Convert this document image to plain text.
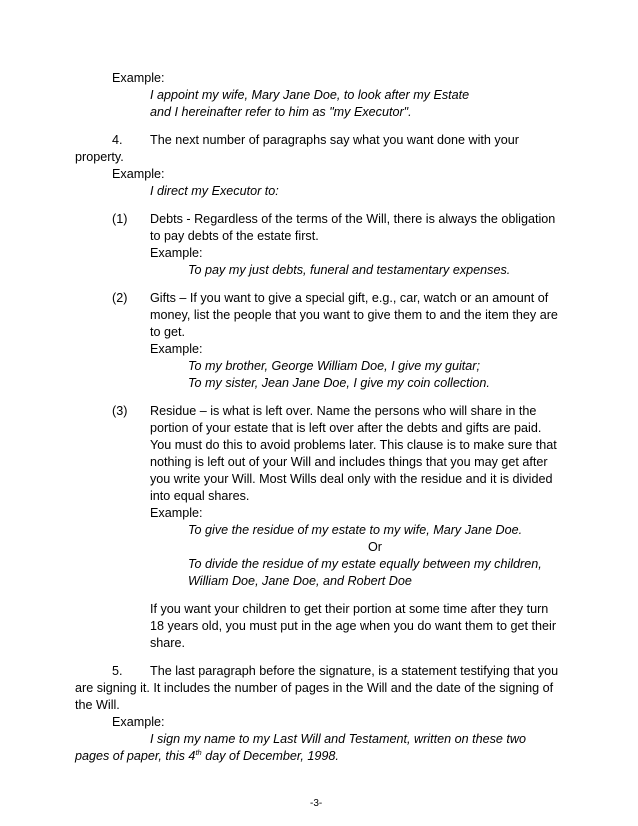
Example:
I appoint my wife, Mary Jane Doe, to look after my Estate
and I hereinafter refer to him as "my Executor".
4. The next number of paragraphs say what you want done with your
property.
Example:
I direct my Executor to:
(1) Debts - Regardless of the terms of the Will, there is always the obligation
to pay debts of the estate first.
Example:
To pay my just debts, funeral and testamentary expenses.
(2) Gifts – If you want to give a special gift, e.g., car, watch or an amount of
money, list the people that you want to give them to and the item they are
to get.
Example:
To my brother, George William Doe, I give my guitar;
To my sister, Jean Jane Doe, I give my coin collection.
(3) Residue – is what is left over. Name the persons who will share in the
portion of your estate that is left over after the debts and gifts are paid.
You must do this to avoid problems later. This clause is to make sure that
nothing is left out of your Will and includes things that you may get after
you write your Will. Most Wills deal only with the residue and it is divided
into equal shares.
Example:
To give the residue of my estate to my wife, Mary Jane Doe.
Or
To divide the residue of my estate equally between my children,
William Doe, Jane Doe, and Robert Doe
If you want your children to get their portion at some time after they turn
18 years old, you must put in the age when you do want them to get their
share.
5. The last paragraph before the signature, is a statement testifying that you
are signing it. It includes the number of pages in the Will and the date of the signing of
the Will.
Example:
I sign my name to my Last Will and Testament, written on these two
pages of paper, this 4th day of December, 1998.
-3-
